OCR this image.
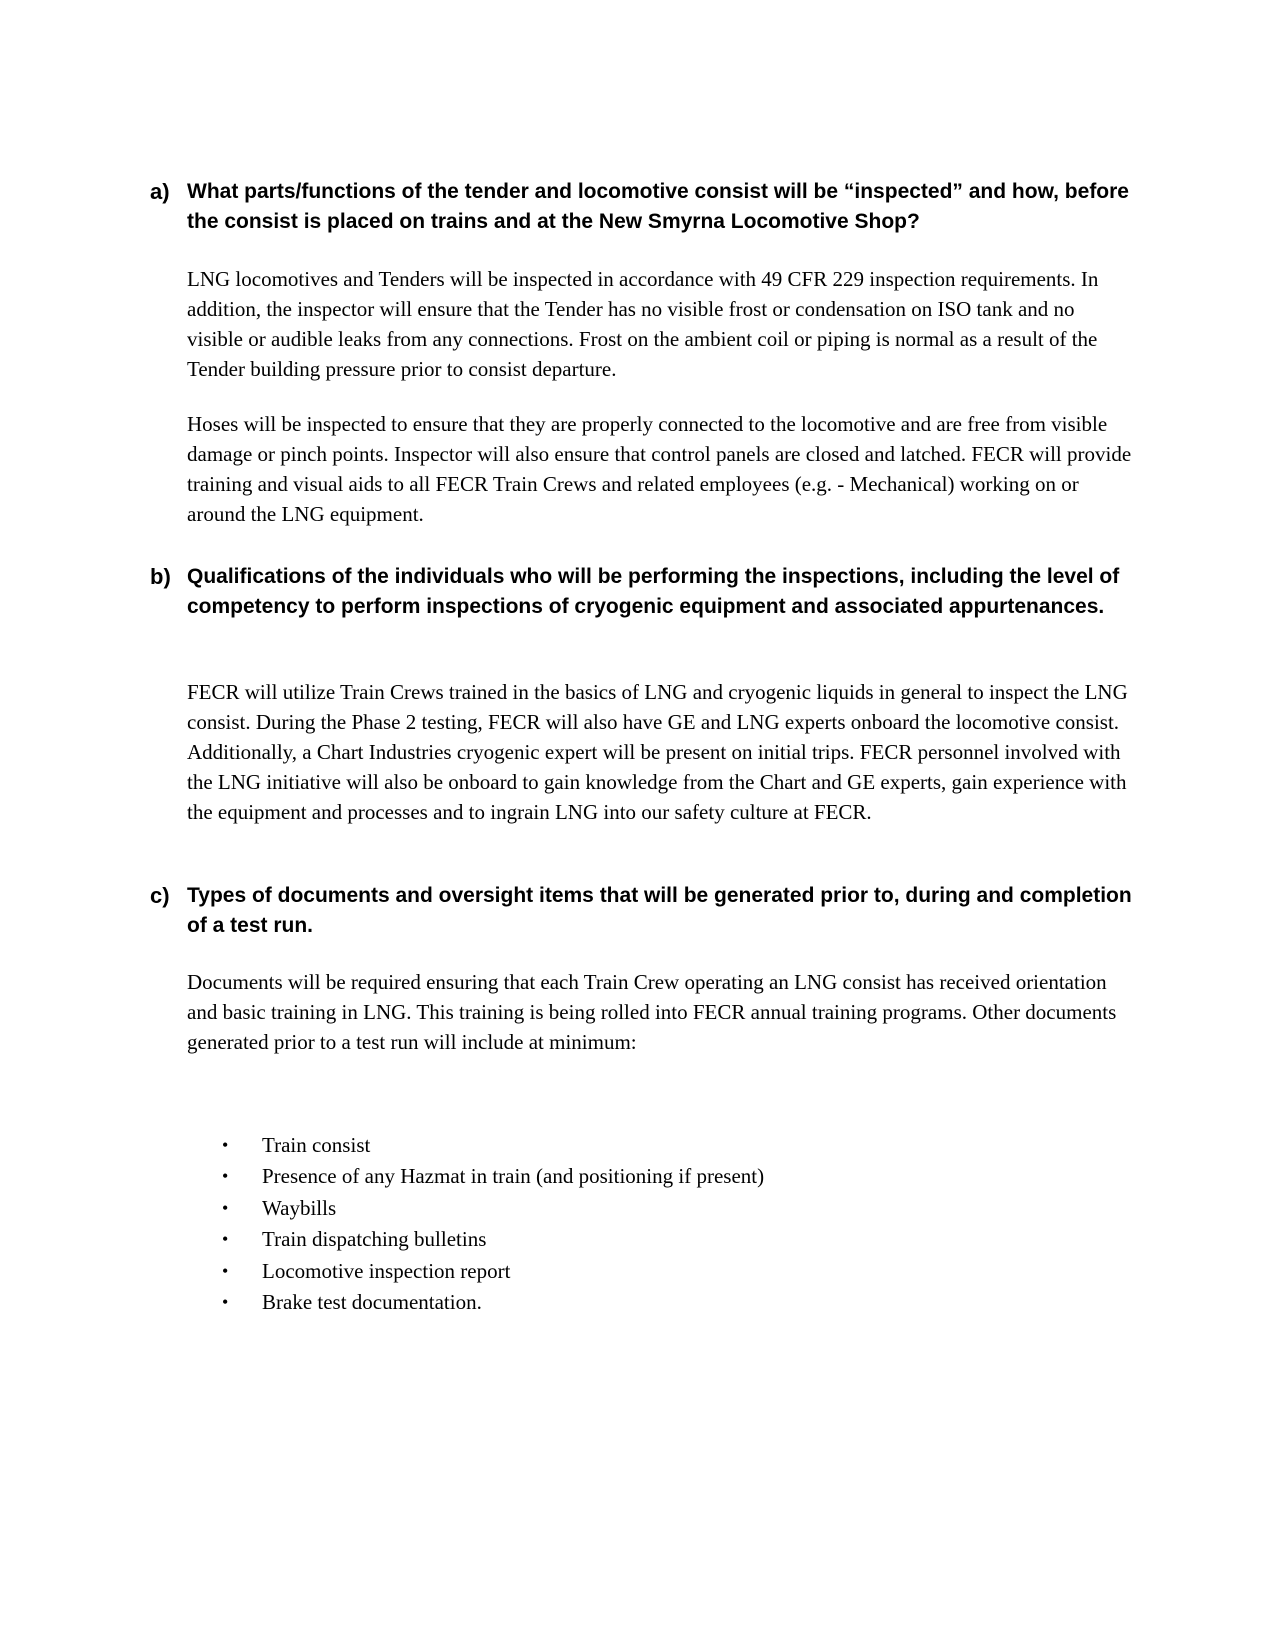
a) What parts/functions of the tender and locomotive consist will be “inspected” and how, before the consist is placed on trains and at the New Smyrna Locomotive Shop?

LNG locomotives and Tenders will be inspected in accordance with 49 CFR 229 inspection requirements. In addition, the inspector will ensure that the Tender has no visible frost or condensation on ISO tank and no visible or audible leaks from any connections. Frost on the ambient coil or piping is normal as a result of the Tender building pressure prior to consist departure.

Hoses will be inspected to ensure that they are properly connected to the locomotive and are free from visible damage or pinch points. Inspector will also ensure that control panels are closed and latched. FECR will provide training and visual aids to all FECR Train Crews and related employees (e.g. - Mechanical) working on or around the LNG equipment.

b) Qualifications of the individuals who will be performing the inspections, including the level of competency to perform inspections of cryogenic equipment and associated appurtenances.

FECR will utilize Train Crews trained in the basics of LNG and cryogenic liquids in general to inspect the LNG consist. During the Phase 2 testing, FECR will also have GE and LNG experts onboard the locomotive consist. Additionally, a Chart Industries cryogenic expert will be present on initial trips. FECR personnel involved with the LNG initiative will also be onboard to gain knowledge from the Chart and GE experts, gain experience with the equipment and processes and to ingrain LNG into our safety culture at FECR.

c) Types of documents and oversight items that will be generated prior to, during and completion of a test run.

Documents will be required ensuring that each Train Crew operating an LNG consist has received orientation and basic training in LNG. This training is being rolled into FECR annual training programs. Other documents generated prior to a test run will include at minimum:

• Train consist
• Presence of any Hazmat in train (and positioning if present)
• Waybills
• Train dispatching bulletins
• Locomotive inspection report
• Brake test documentation.
